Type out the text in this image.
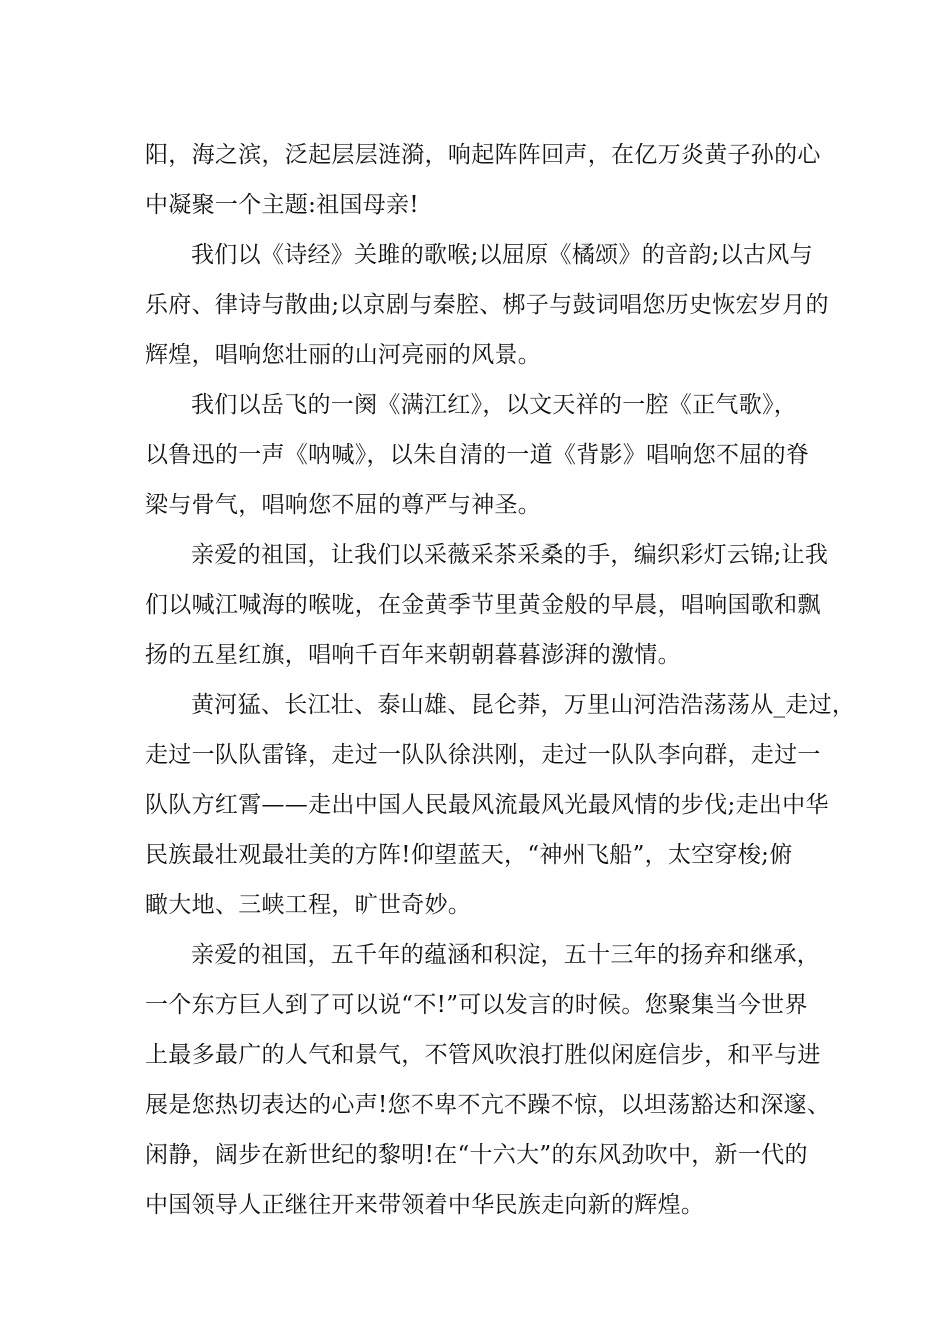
阳，海之滨，泛起层层涟漪，响起阵阵回声，在亿万炎黄子孙的心
中凝聚一个主题:祖国母亲!
我们以《诗经》关雎的歌喉;以屈原《橘颂》的音韵;以古风与
乐府、律诗与散曲;以京剧与秦腔、梆子与鼓词唱您历史恢宏岁月的
辉煌，唱响您壮丽的山河亮丽的风景。
我们以岳飞的一阕《满江红》，以文天祥的一腔《正气歌》，
以鲁迅的一声《呐喊》，以朱自清的一道《背影》唱响您不屈的脊
梁与骨气，唱响您不屈的尊严与神圣。
亲爱的祖国，让我们以采薇采茶采桑的手，编织彩灯云锦;让我
们以喊江喊海的喉咙，在金黄季节里黄金般的早晨，唱响国歌和飘
扬的五星红旗，唱响千百年来朝朝暮暮澎湃的激情。
黄河猛、长江壮、泰山雄、昆仑莽，万里山河浩浩荡荡从_走过，
走过一队队雷锋，走过一队队徐洪刚，走过一队队李向群，走过一
队队方红霄——走出中国人民最风流最风光最风情的步伐;走出中华
民族最壮观最壮美的方阵!仰望蓝天，“神州飞船”，太空穿梭;俯
瞰大地、三峡工程，旷世奇妙。
亲爱的祖国，五千年的蕴涵和积淀，五十三年的扬弃和继承，
一个东方巨人到了可以说“不!”可以发言的时候。您聚集当今世界
上最多最广的人气和景气，不管风吹浪打胜似闲庭信步，和平与进
展是您热切表达的心声!您不卑不亢不躁不惊，以坦荡豁达和深邃、
闲静，阔步在新世纪的黎明!在“十六大”的东风劲吹中，新一代的
中国领导人正继往开来带领着中华民族走向新的辉煌。
